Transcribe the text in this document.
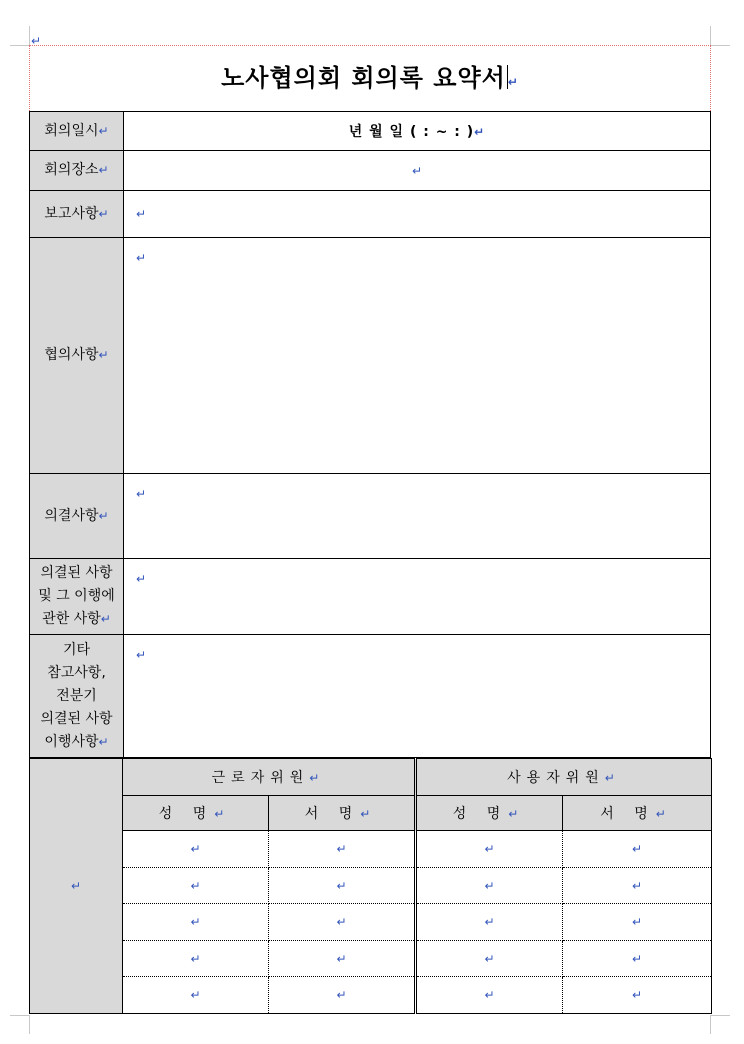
↵
노사협의회 회의록 요약서 ↵
회의일시↵	년 월 일 ( : ~ : )↵
회의장소↵	↵
보고사항↵	↵
협의사항↵	↵
의결사항↵	↵

의결된 사항
및 그 이행에
관한 사항↵	↵

기타
참고사항,
전분기
의결된 사항
이행사항↵	↵
↵	근로자위원↵		사용자위원↵	
	성 명↵	서 명↵	성 명↵	서 명↵
	↵	↵	↵	↵
	↵	↵	↵	↵
	↵	↵	↵	↵
	↵	↵	↵	↵
	↵	↵	↵	↵
